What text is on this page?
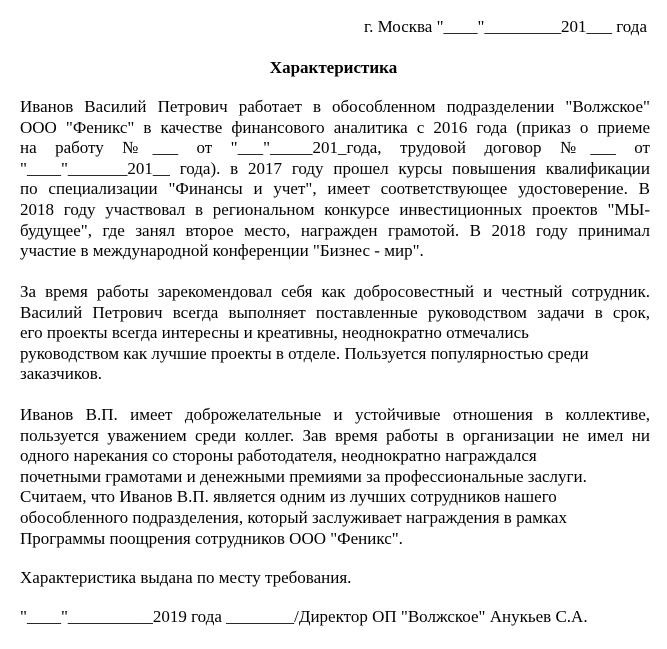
г. Москва "____"_________201___ года
Характеристика

Иванов Василий Петрович работает в обособленном подразделении "Волжское"
ООО "Феникс" в качестве финансового аналитика с 2016 года (приказ о приеме
на работу №___ от "___"_____201_года, трудовой договор №___ от
"____"_______201__ года). в 2017 году прошел курсы повышения квалификации
по специализации "Финансы и учет", имеет соответствующее удостоверение. В
2018 году участвовал в региональном конкурсе инвестиционных проектов "МЫ-
будущее", где занял второе место, награжден грамотой. В 2018 году принимал
участие в международной конференции "Бизнес - мир".

За время работы зарекомендовал себя как добросовестный и честный сотрудник.
Василий Петрович всегда выполняет поставленные руководством задачи в срок,
его проекты всегда интересны и креативны, неоднократно отмечались
руководством как лучшие проекты в отделе. Пользуется популярностью среди
заказчиков.

Иванов В.П. имеет доброжелательные и устойчивые отношения в коллективе,
пользуется уважением среди коллег. Зав время работы в организации не имел ни
одного нарекания со стороны работодателя, неоднократно награждался
почетными грамотами и денежными премиями за профессиональные заслуги.
Считаем, что Иванов В.П. является одним из лучших сотрудников нашего
обособленного подразделения, который заслуживает награждения в рамках
Программы поощрения сотрудников ООО "Феникс".

Характеристика выдана по месту требования.

"____"__________2019 года ________/Директор ОП "Волжское" Анукьев С.А.
